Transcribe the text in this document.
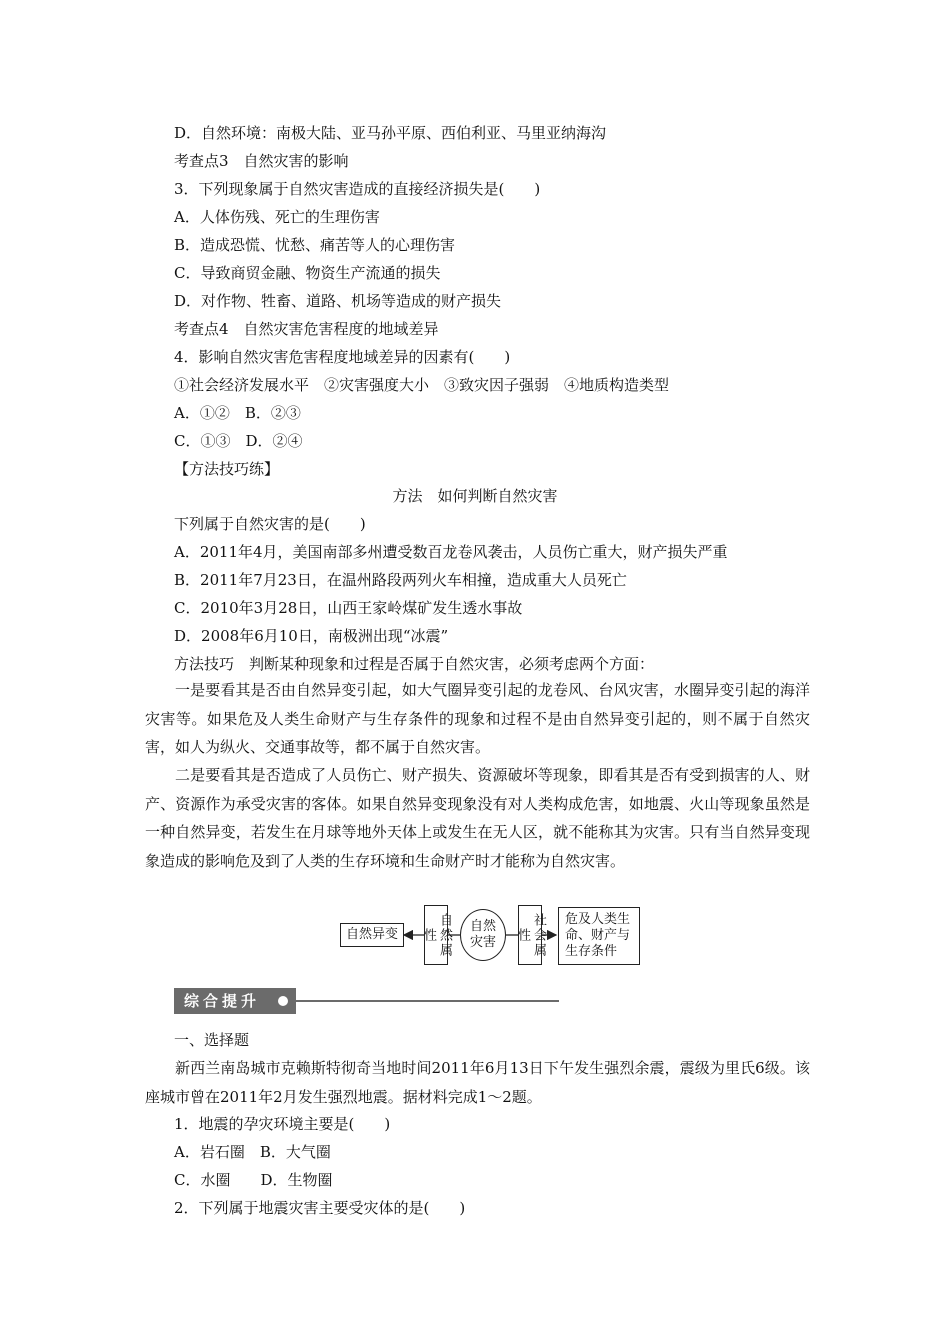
D．自然环境：南极大陆、亚马孙平原、西伯利亚、马里亚纳海沟
考查点3　自然灾害的影响
3．下列现象属于自然灾害造成的直接经济损失是(　　)
A．人体伤残、死亡的生理伤害
B．造成恐慌、忧愁、痛苦等人的心理伤害
C．导致商贸金融、物资生产流通的损失
D．对作物、牲畜、道路、机场等造成的财产损失
考查点4　自然灾害危害程度的地域差异
4．影响自然灾害危害程度地域差异的因素有(　　)
①社会经济发展水平　②灾害强度大小　③致灾因子强弱　④地质构造类型
A．①②　B．②③
C．①③　D．②④
【方法技巧练】
方法　如何判断自然灾害
下列属于自然灾害的是(　　)
A．2011年4月，美国南部多州遭受数百龙卷风袭击，人员伤亡重大，财产损失严重
B．2011年7月23日，在温州路段两列火车相撞，造成重大人员死亡
C．2010年3月28日，山西王家岭煤矿发生透水事故
D．2008年6月10日，南极洲出现“冰震”
方法技巧　判断某种现象和过程是否属于自然灾害，必须考虑两个方面：
一是要看其是否由自然异变引起，如大气圈异变引起的龙卷风、台风灾害，水圈异变引起的海洋灾害等。如果危及人类生命财产与生存条件的现象和过程不是由自然异变引起的，则不属于自然灾害，如人为纵火、交通事故等，都不属于自然灾害。
二是要看其是否造成了人员伤亡、财产损失、资源破坏等现象，即看其是否有受到损害的人、财产、资源作为承受灾害的客体。如果自然异变现象没有对人类构成危害，如地震、火山等现象虽然是一种自然异变，若发生在月球等地外天体上或发生在无人区，就不能称其为灾害。只有当自然异变现象造成的影响危及到了人类的生存环境和生命财产时才能称为自然灾害。
自然异变	自然属性
自然灾害	社会属性
危及人类生命、财产与生存条件
综合提升
一、选择题
新西兰南岛城市克赖斯特彻奇当地时间2011年6月13日下午发生强烈余震，震级为里氏6级。该座城市曾在2011年2月发生强烈地震。据材料完成1～2题。
1．地震的孕灾环境主要是(　　)
A．岩石圈　B．大气圈
C．水圈　　D．生物圈
2．下列属于地震灾害主要受灾体的是(　　)
